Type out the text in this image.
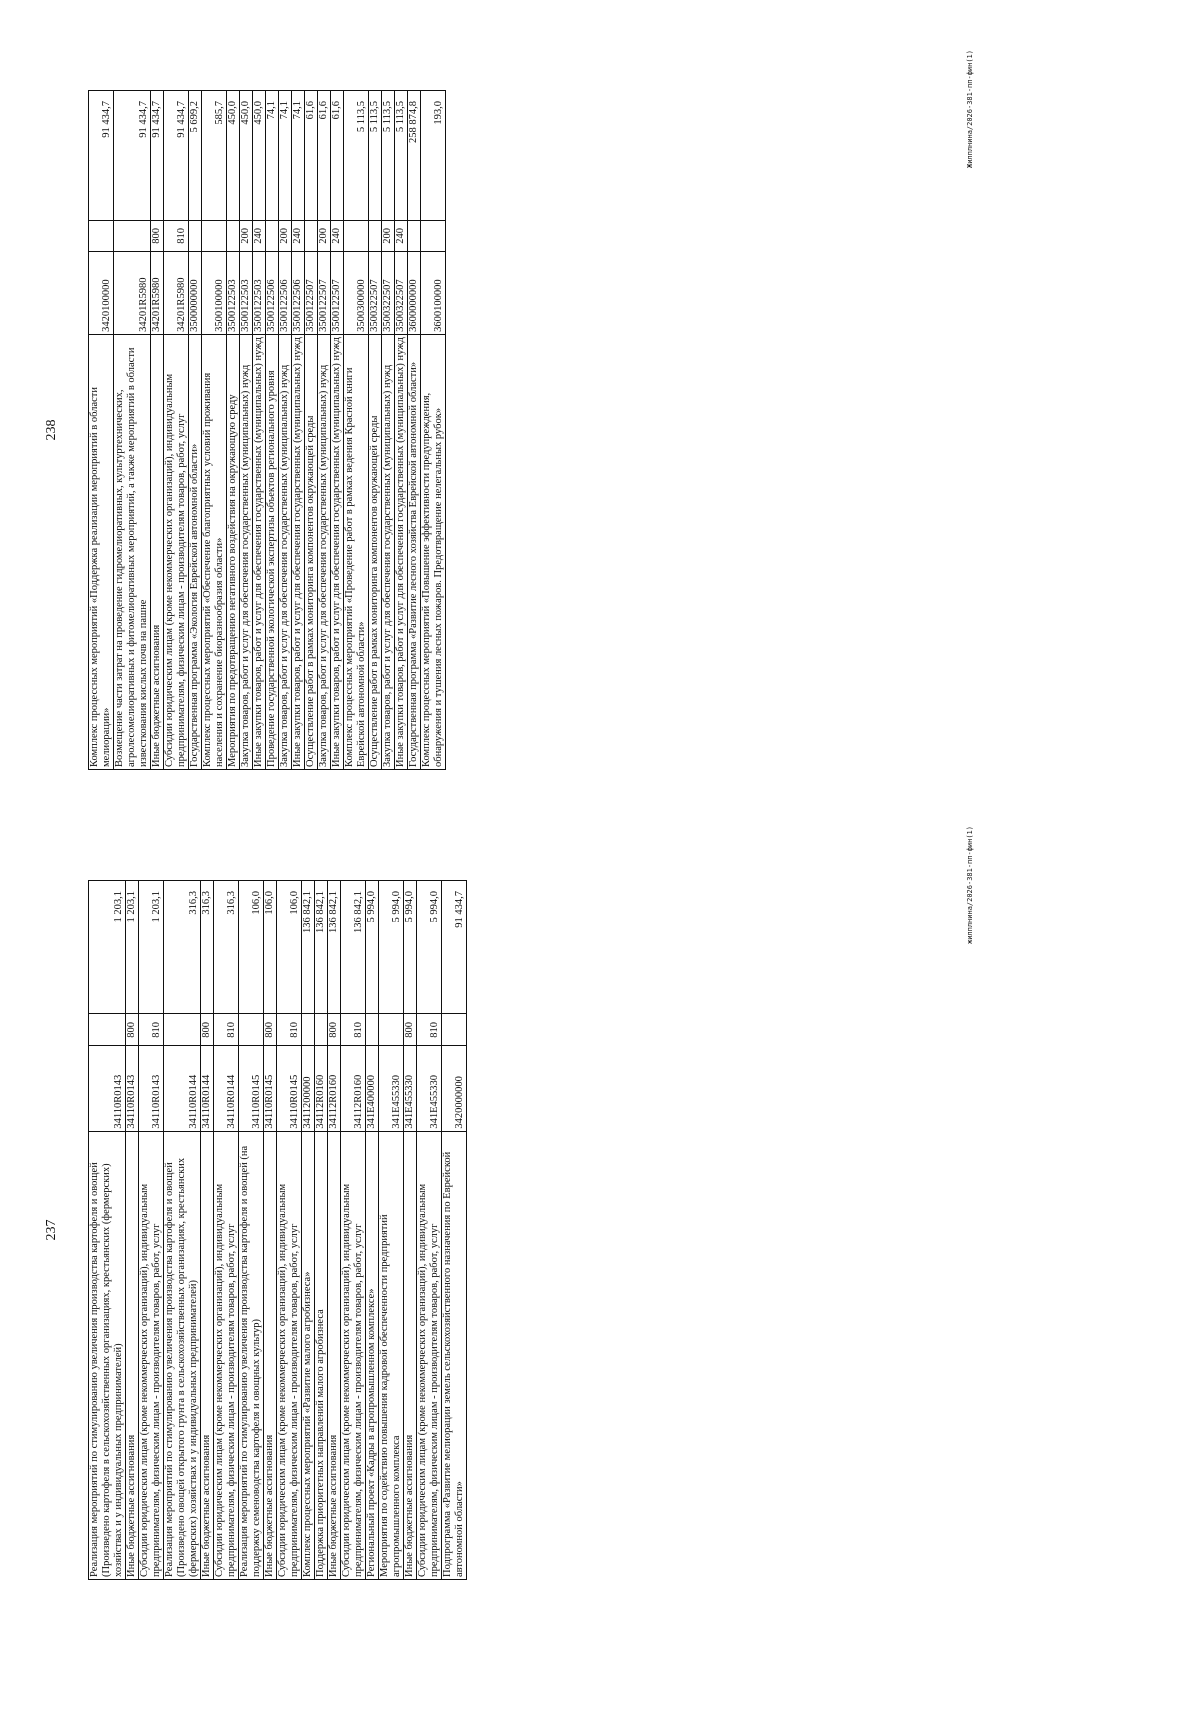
238	Комплекс процессных мероприятий «Поддержка реализации мероприятий в области мелиорации»	3420100000		91 434,7
Возмещение части затрат на проведение гидромелиоративных, культуртехнических, агролесомелиоративных и фитомелиоративных мероприятий, а также мероприятий в области известкования кислых почв на пашне	34201R5980		91 434,7
Иные бюджетные ассигнования	34201R5980	800	91 434,7
Субсидии юридическим лицам (кроме некоммерческих организаций), индивидуальным предпринимателям, физическим лицам - производителям товаров, работ, услуг	34201R5980	810	91 434,7
Государственная программа «Экология Еврейской автономной области»	3500000000		5 699,2
Комплекс процессных мероприятий «Обеспечение благоприятных условий проживания населения и сохранение биоразнообразия области»	3500100000		585,7
Мероприятия по предотвращению негативного воздействия на окружающую среду	3500122503		450,0
Закупка товаров, работ и услуг для обеспечения государственных (муниципальных) нужд	3500122503	200	450,0
Иные закупки товаров, работ и услуг для обеспечения государственных (муниципальных) нужд	3500122503	240	450,0
Проведение государственной экологической экспертизы объектов регионального уровня	3500122506		74,1
Закупка товаров, работ и услуг для обеспечения государственных (муниципальных) нужд	3500122506	200	74,1
Иные закупки товаров, работ и услуг для обеспечения государственных (муниципальных) нужд	3500122506	240	74,1
Осуществление работ в рамках мониторинга компонентов окружающей среды	3500122507		61,6
Закупка товаров, работ и услуг для обеспечения государственных (муниципальных) нужд	3500122507	200	61,6
Иные закупки товаров, работ и услуг для обеспечения государственных (муниципальных) нужд	3500122507	240	61,6
Комплекс процессных мероприятий «Проведение работ в рамках ведения Красной книги Еврейской автономной области»	3500300000		5 113,5
Осуществление работ в рамках мониторинга компонентов окружающей среды	3500322507		5 113,5
Закупка товаров, работ и услуг для обеспечения государственных (муниципальных) нужд	3500322507	200	5 113,5
Иные закупки товаров, работ и услуг для обеспечения государственных (муниципальных) нужд	3500322507	240	5 113,5
Государственная программа «Развитие лесного хозяйства Еврейской автономной области»	3600000000		258 874,8
Комплекс процессных мероприятий «Повышение эффективности предупреждения, обнаружения и тушения лесных пожаров. Предотвращение нелегальных рубок»	3600100000		193,0	Жилплнина/2026-381-пп-фин(1)
237	Реализация мероприятий по стимулированию увеличения производства картофеля и овощей (Произведено картофеля в сельскохозяйственных организациях, крестьянских (фермерских) хозяйствах и у индивидуальных предпринимателей)	34110R0143		1 203,1
Иные бюджетные ассигнования	34110R0143	800	1 203,1
Субсидии юридическим лицам (кроме некоммерческих организаций), индивидуальным предпринимателям, физическим лицам - производителям товаров, работ, услуг	34110R0143	810	1 203,1
Реализация мероприятий по стимулированию увеличения производства картофеля и овощей (Произведено овощей открытого грунта в сельскохозяйственных организациях, крестьянских (фермерских) хозяйствах и у индивидуальных предпринимателей)	34110R0144		316,3
Иные бюджетные ассигнования	34110R0144	800	316,3
Субсидии юридическим лицам (кроме некоммерческих организаций), индивидуальным предпринимателям, физическим лицам - производителям товаров, работ, услуг	34110R0144	810	316,3
Реализация мероприятий по стимулированию увеличения производства картофеля и овощей (на поддержку семеноводства картофеля и овощных культур)	34110R0145		106,0
Иные бюджетные ассигнования	34110R0145	800	106,0
Субсидии юридическим лицам (кроме некоммерческих организаций), индивидуальным предпринимателям, физическим лицам - производителям товаров, работ, услуг	34110R0145	810	106,0
Комплекс процессных мероприятий «Развитие малого агробизнеса»	3411200000		136 842,1
Поддержка приоритетных направлений малого агробизнеса	34112R0160		136 842,1
Иные бюджетные ассигнования	34112R0160	800	136 842,1
Субсидии юридическим лицам (кроме некоммерческих организаций), индивидуальным предпринимателям, физическим лицам - производителям товаров, работ, услуг	34112R0160	810	136 842,1
Региональный проект «Кадры в агропромышленном комплексе»	341E400000		5 994,0
Мероприятия по содействию повышения кадровой обеспеченности предприятий агропромышленного комплекса	341E455330		5 994,0
Иные бюджетные ассигнования	341E455330	800	5 994,0
Субсидии юридическим лицам (кроме некоммерческих организаций), индивидуальным предпринимателям, физическим лицам - производителям товаров, работ, услуг	341E455330	810	5 994,0
Подпрограмма «Развитие мелиорации земель сельскохозяйственного назначения по Еврейской автономной области»	3420000000		91 434,7	жилплнина/2026-381-пп-фин(1)
